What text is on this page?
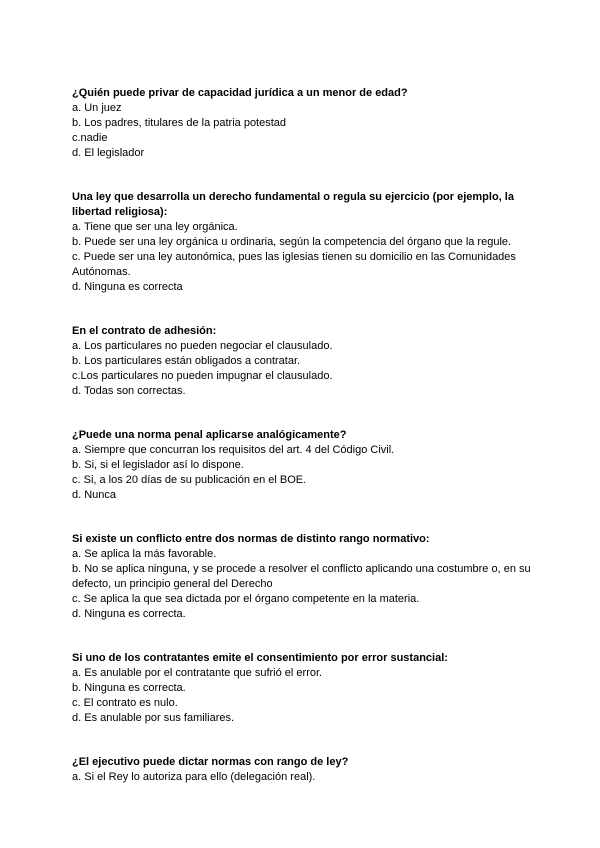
¿Quién puede privar de capacidad jurídica a un menor de edad?
a. Un juez
b. Los padres, titulares de la patria potestad
c.nadie
d. El legislador
Una ley que desarrolla un derecho fundamental o regula su ejercicio (por ejemplo, la libertad religiosa):
a. Tiene que ser una ley orgánica.
b. Puede ser una ley orgánica u ordinaria, según la competencia del órgano que la regule.
c. Puede ser una ley autonómica, pues las iglesias tienen su domicilio en las Comunidades Autónomas.
d. Ninguna es correcta
En el contrato de adhesión:
a. Los particulares no pueden negociar el clausulado.
b. Los particulares están obligados a contratar.
c.Los particulares no pueden impugnar el clausulado.
d. Todas son correctas.
¿Puede una norma penal aplicarse analógicamente?
a. Siempre que concurran los requisitos del art. 4 del Código Civil.
b. Si, si el legislador así lo dispone.
c. Si, a los 20 días de su publicación en el BOE.
d. Nunca
Si existe un conflicto entre dos normas de distinto rango normativo:
a. Se aplica la más favorable.
b. No se aplica ninguna, y se procede a resolver el conflicto aplicando una costumbre o, en su defecto, un principio general del Derecho
c. Se aplica la que sea dictada por el órgano competente en la materia.
d. Ninguna es correcta.
Si uno de los contratantes emite el consentimiento por error sustancial:
a. Es anulable por el contratante que sufrió el error.
b. Ninguna es correcta.
c. El contrato es nulo.
d. Es anulable por sus familiares.
¿El ejecutivo puede dictar normas con rango de ley?
a. Si el Rey lo autoriza para ello (delegación real).
